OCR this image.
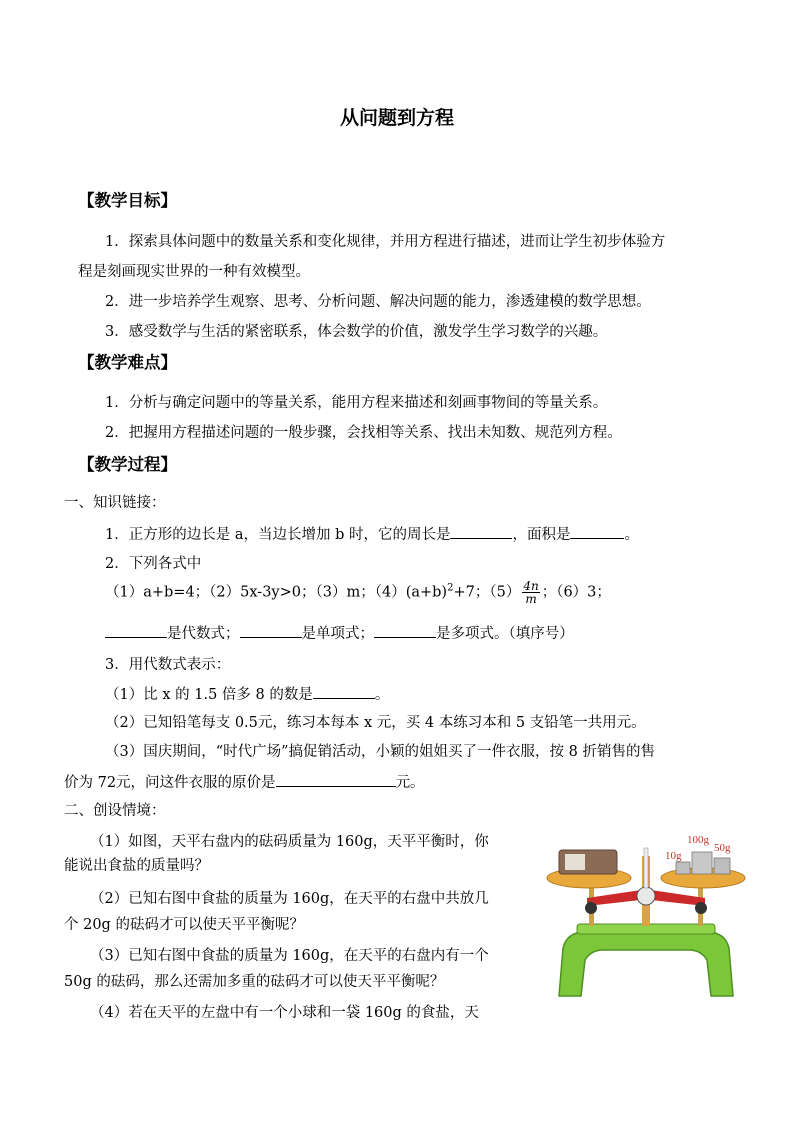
从问题到方程
【教学目标】
1．探索具体问题中的数量关系和变化规律，并用方程进行描述，进而让学生初步体验方
程是刻画现实世界的一种有效模型。
2．进一步培养学生观察、思考、分析问题、解决问题的能力，渗透建模的数学思想。
3．感受数学与生活的紧密联系，体会数学的价值，激发学生学习数学的兴趣。
【教学难点】
1．分析与确定问题中的等量关系，能用方程来描述和刻画事物间的等量关系。
2．把握用方程描述问题的一般步骤，会找相等关系、找出未知数、规范列方程。
【教学过程】
一、知识链接：
1．正方形的边长是 a，当边长增加 b 时，它的周长是	，面积是	。
2．下列各式中
（1）a+b=4；（2）5x-3y>0；（3）m；$(4)(a+b)^2+7$；$(5) \frac{4n}{m}$ ；（6）3；
是代数式；	是单项式；	是多项式。（填序号）
3．用代数式表示：
（1）比 x 的 1.5 倍多 8 的数是	。
（2）已知铅笔每支 0.5元，练习本每本 x 元，买 4 本练习本和 5 支铅笔一共用元。
（3）国庆期间，“时代广场”搞促销活动，小颖的姐姐买了一件衣服，按 8 折销售的售
价为 72元，问这件衣服的原价是	元。
二、创设情境：
（1）如图，天平右盘内的砝码质量为 160g，天平平衡时，你
能说出食盐的质量吗？
（2）已知右图中食盐的质量为 160g，在天平的右盘中共放几
个 20g 的砝码才可以使天平平衡呢？
（3）已知右图中食盐的质量为 160g，在天平的右盘内有一个
50g 的砝码，那么还需加多重的砝码才可以使天平平衡呢？
（4）若在天平的左盘中有一个小球和一袋 160g 的食盐，天
100g
50g
10g
